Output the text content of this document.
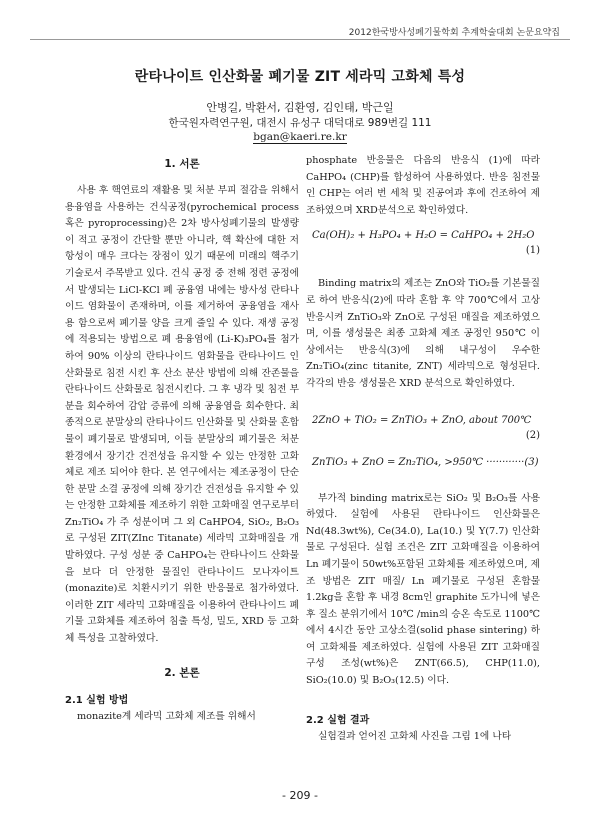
2012한국방사성폐기물학회 추계학술대회 논문요약집
란타나이트 인산화물 폐기물 ZIT 세라믹 고화체 특성
안병길, 박환서, 김환영, 김인태, 박근일
한국원자력연구원, 대전시 유성구 대덕대로 989번길 111
bgan@kaeri.re.kr
1. 서론
사용 후 핵연료의 재활용 및 처분 부피 절감을 위해서 용융염을 사용하는 건식공정(pyrochemical process 혹은 pyroprocessing)은 2차 방사성폐기물의 발생량이 적고 공정이 간단할 뿐만 아니라, 핵 확산에 대한 저항성이 매우 크다는 장점이 있기 때문에 미래의 핵주기 기술로서 주목받고 있다. 건식 공정 중 전해 정련 공정에서 발생되는 LiCl-KCl 폐 공융염 내에는 방사성 란타나이드 염화물이 존재하며, 이를 제거하여 공융염을 재사용 함으로써 폐기물 양을 크게 줄일 수 있다. 재생 공정에 적용되는 방법으로 폐 용융염에 (Li-K)₃PO₄를 첨가하여 90% 이상의 란타나이드 염화물을 란타나이드 인산화물로 침전 시킨 후 산소 분산 방법에 의해 잔존물을 란타나이드 산화물로 침전시킨다. 그 후 냉각 및 침전 부분을 회수하여 감압 증류에 의해 공융염을 회수한다. 최종적으로 분말상의 란타나이드 인산화물 및 산화물 혼합물이 폐기물로 발생되며, 이들 분말상의 폐기물은 처분 환경에서 장기간 건전성을 유지할 수 있는 안정한 고화체로 제조 되어야 한다. 본 연구에서는 제조공정이 단순한 분말 소결 공정에 의해 장기간 건전성을 유지할 수 있는 안정한 고화체를 제조하기 위한 고화매질 연구로부터 Zn₂TiO₄ 가 주 성분이며 그 외 CaHPO4, SiO₂, B₂O₃로 구성된 ZIT(ZInc Titanate) 세라믹 고화매질을 개발하였다. 구성 성분 중 CaHPO₄는 란타나이드 산화물을 보다 더 안정한 물질인 란타나이드 모나자이트(monazite)로 치환시키기 위한 반응물로 첨가하였다. 이러한 ZIT 세라믹 고화매질을 이용하여 란타나이드 폐기물 고화체를 제조하여 침출 특성, 밀도, XRD 등 고화체 특성을 고찰하였다.
2. 본론
2.1 실험 방법
monazite계 세라믹 고화체 제조를 위해서
phosphate 반응물은 다음의 반응식 (1)에 따라 CaHPO₄ (CHP)를 합성하여 사용하였다. 반응 침전물인 CHP는 여러 번 세척 및 진공여과 후에 건조하여 제조하였으며 XRD분석으로 확인하였다.
Ca(OH)₂ + H₃PO₄ + H₂O = CaHPO₄ + 2H₂O
(1)
Binding matrix의 제조는 ZnO와 TiO₂를 기본물질로 하여 반응식(2)에 따라 혼합 후 약 700℃에서 고상 반응시켜 ZnTiO₃와 ZnO로 구성된 매질을 제조하였으며, 이를 생성물은 최종 고화체 제조 공정인 950℃ 이상에서는 반응식(3)에 의해 내구성이 우수한 Zn₂TiO₄(zinc titanite, ZNT) 세라믹으로 형성된다. 각각의 반응 생성물은 XRD 분석으로 확인하였다.
2ZnO + TiO₂ = ZnTiO₃ + ZnO, about 700℃
(2)
ZnTiO₃ + ZnO = Zn₂TiO₄, >950℃ ············(3)
부가적 binding matrix로는 SiO₂ 및 B₂O₃를 사용하였다. 실험에 사용된 란타나이드 인산화물은 Nd(48.3wt%), Ce(34.0), La(10.) 및 Y(7.7) 인산화물로 구성된다. 실험 조건은 ZIT 고화매질을 이용하여 Ln 폐기물이 50wt%포함된 고화체를 제조하였으며, 제조 방법은 ZIT 매질/ Ln 폐기물로 구성된 혼합물 1.2kg을 혼합 후 내경 8cm인 graphite 도가니에 넣은 후 질소 분위기에서 10℃ /min의 승온 속도로 1100℃에서 4시간 동안 고상소결(solid phase sintering) 하여 고화체를 제조하였다. 실험에 사용된 ZIT 고화매질 구성 조성(wt%)은 ZNT(66.5), CHP(11.0), SiO₂(10.0) 및 B₂O₃(12.5) 이다.
2.2 실험 결과
실험결과 얻어진 고화체 사진을 그림 1에 나타
- 209 -
